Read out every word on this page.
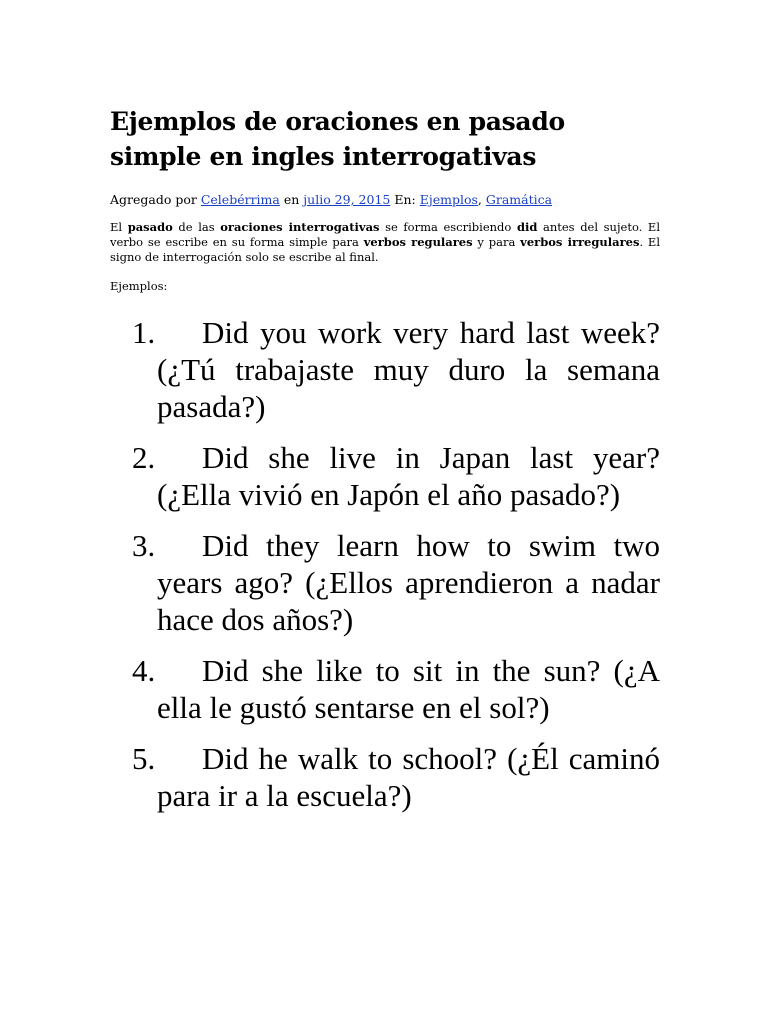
Ejemplos de oraciones en pasado simple en ingles interrogativas

Agregado por Celebérrima en julio 29, 2015 En: Ejemplos, Gramática

El pasado de las oraciones interrogativas se forma escribiendo did antes del sujeto. El verbo se escribe en su forma simple para verbos regulares y para verbos irregulares. El signo de interrogación solo se escribe al final.

Ejemplos:

1.	Did you work very hard last week? (¿Tú trabajaste muy duro la semana pasada?)
2.	Did she live in Japan last year? (¿Ella vivió en Japón el año pasado?)
3.	Did they learn how to swim two years ago? (¿Ellos aprendieron a nadar hace dos años?)
4.	Did she like to sit in the sun? (¿A ella le gustó sentarse en el sol?)
5.	Did he walk to school? (¿Él caminó para ir a la escuela?)
